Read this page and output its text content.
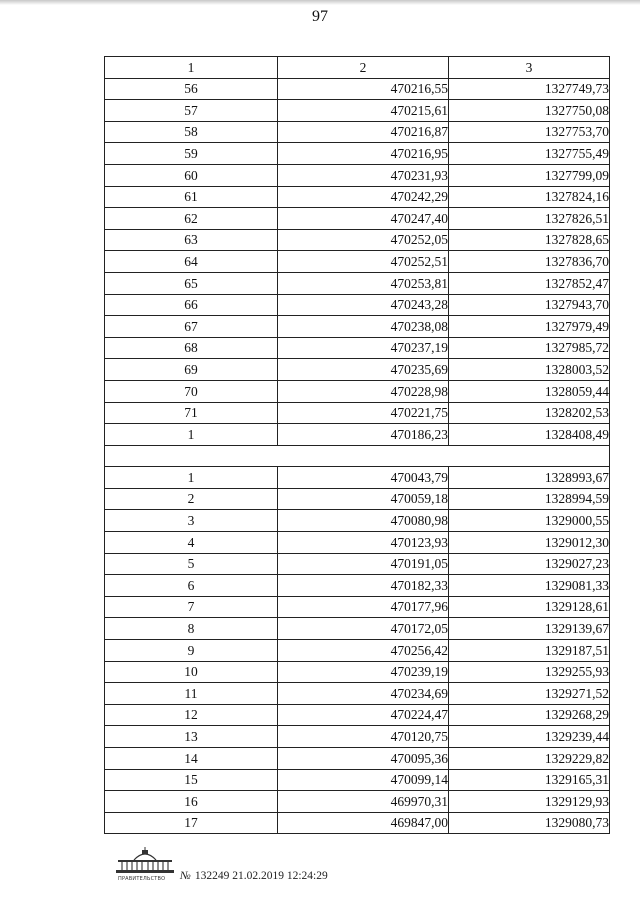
97
1	2	3
56	470216,55	1327749,73
57	470215,61	1327750,08
58	470216,87	1327753,70
59	470216,95	1327755,49
60	470231,93	1327799,09
61	470242,29	1327824,16
62	470247,40	1327826,51
63	470252,05	1327828,65
64	470252,51	1327836,70
65	470253,81	1327852,47
66	470243,28	1327943,70
67	470238,08	1327979,49
68	470237,19	1327985,72
69	470235,69	1328003,52
70	470228,98	1328059,44
71	470221,75	1328202,53
1	470186,23	1328408,49

1	470043,79	1328993,67
2	470059,18	1328994,59
3	470080,98	1329000,55
4	470123,93	1329012,30
5	470191,05	1329027,23
6	470182,33	1329081,33
7	470177,96	1329128,61
8	470172,05	1329139,67
9	470256,42	1329187,51
10	470239,19	1329255,93
11	470234,69	1329271,52
12	470224,47	1329268,29
13	470120,75	1329239,44
14	470095,36	1329229,82
15	470099,14	1329165,31
16	469970,31	1329129,93
17	469847,00	1329080,73
ПРАВИТЕЛЬСТВО № 132249 21.02.2019 12:24:29
